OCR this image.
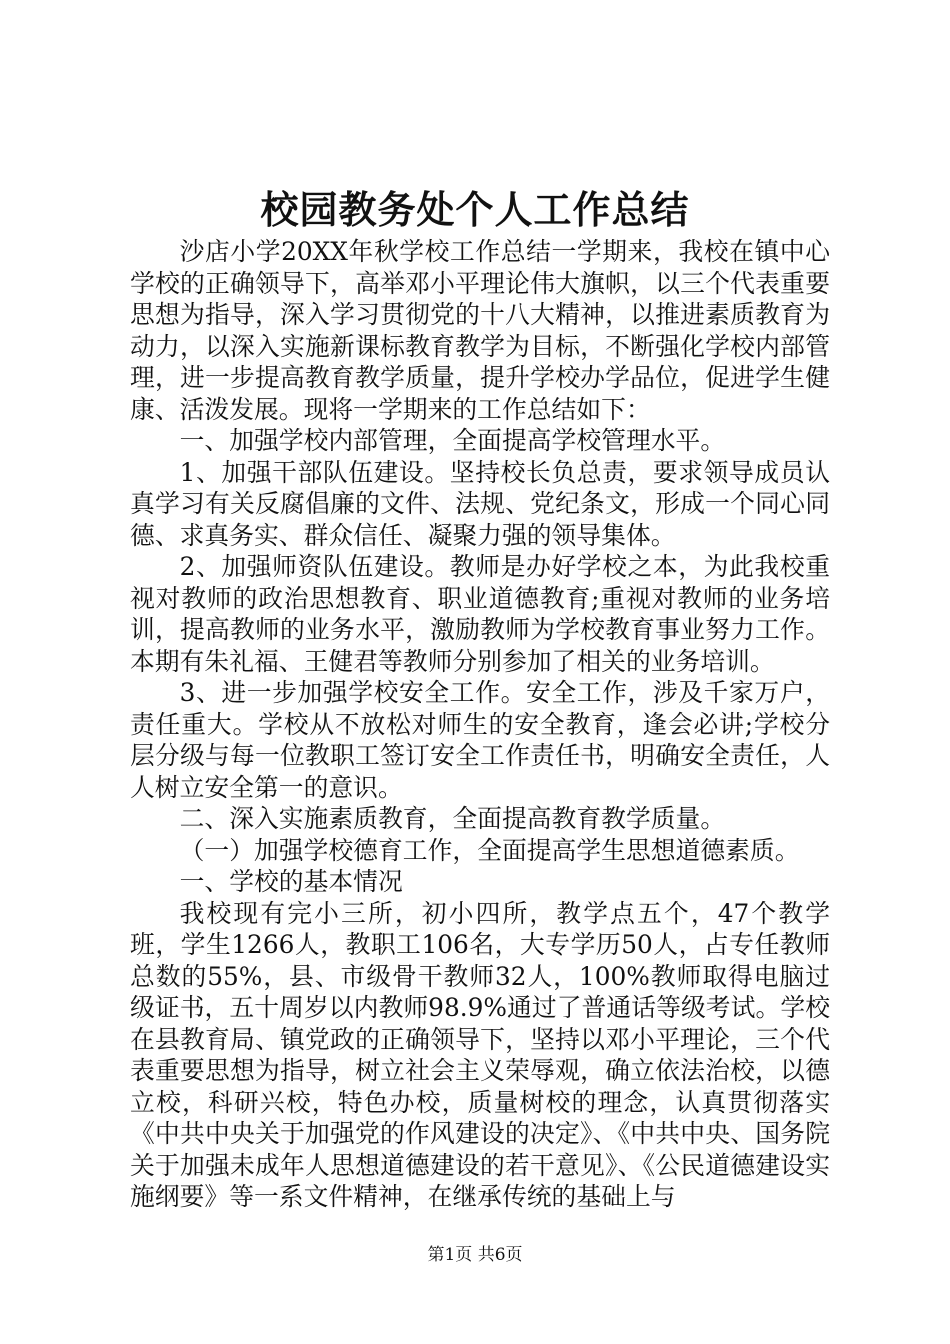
校园教务处个人工作总结

沙店小学20XX年秋学校工作总结一学期来，我校在镇中心学校的正确领导下，高举邓小平理论伟大旗帜，以三个代表重要思想为指导，深入学习贯彻党的十八大精神，以推进素质教育为动力，以深入实施新课标教育教学为目标，不断强化学校内部管理，进一步提高教育教学质量，提升学校办学品位，促进学生健康、活泼发展。现将一学期来的工作总结如下：

一、加强学校内部管理，全面提高学校管理水平。

1、加强干部队伍建设。坚持校长负总责，要求领导成员认真学习有关反腐倡廉的文件、法规、党纪条文，形成一个同心同德、求真务实、群众信任、凝聚力强的领导集体。

2、加强师资队伍建设。教师是办好学校之本，为此我校重视对教师的政治思想教育、职业道德教育;重视对教师的业务培训，提高教师的业务水平，激励教师为学校教育事业努力工作。本期有朱礼福、王健君等教师分别参加了相关的业务培训。

3、进一步加强学校安全工作。安全工作，涉及千家万户，责任重大。学校从不放松对师生的安全教育，逢会必讲;学校分层分级与每一位教职工签订安全工作责任书，明确安全责任，人人树立安全第一的意识。

二、深入实施素质教育，全面提高教育教学质量。

（一）加强学校德育工作，全面提高学生思想道德素质。

一、学校的基本情况

我校现有完小三所，初小四所，教学点五个，47个教学班，学生1266人，教职工106名，大专学历50人，占专任教师总数的55%，县、市级骨干教师32人，100%教师取得电脑过级证书，五十周岁以内教师98.9%通过了普通话等级考试。学校在县教育局、镇党政的正确领导下，坚持以邓小平理论，三个代表重要思想为指导，树立社会主义荣辱观，确立依法治校，以德立校，科研兴校，特色办校，质量树校的理念，认真贯彻落实《中共中央关于加强党的作风建设的决定》、《中共中央、国务院关于加强未成年人思想道德建设的若干意见》、《公民道德建设实施纲要》等一系文件精神，在继承传统的基础上与

第1页 共6页
